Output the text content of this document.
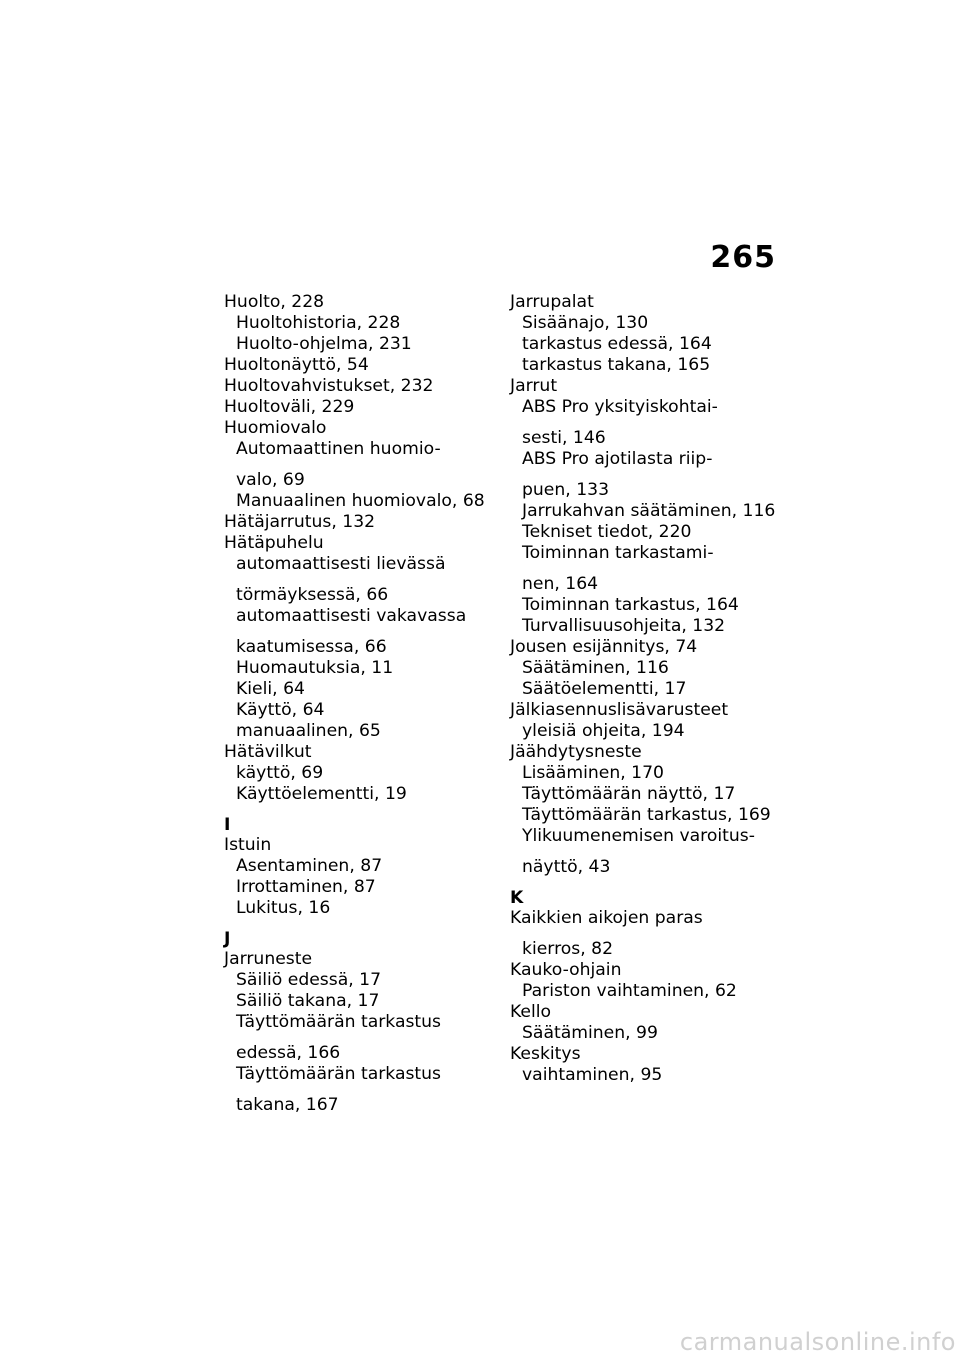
265
Huolto, 228
Huoltohistoria, 228
Huolto-ohjelma, 231
Huoltonäyttö, 54
Huoltovahvistukset, 232
Huoltoväli, 229
Huomiovalo
Automaattinen huomio-
valo, 69
Manuaalinen huomiovalo, 68
Hätäjarrutus, 132
Hätäpuhelu
automaattisesti lievässä
törmäyksessä, 66
automaattisesti vakavassa
kaatumisessa, 66
Huomautuksia, 11
Kieli, 64
Käyttö, 64
manuaalinen, 65
Hätävilkut
käyttö, 69
Käyttöelementti, 19
I
Istuin
Asentaminen, 87
Irrottaminen, 87
Lukitus, 16
J
Jarruneste
Säiliö edessä, 17
Säiliö takana, 17
Täyttömäärän tarkastus
edessä, 166
Täyttömäärän tarkastus
takana, 167
Jarrupalat
Sisäänajo, 130
tarkastus edessä, 164
tarkastus takana, 165
Jarrut
ABS Pro yksityiskohtai-
sesti, 146
ABS Pro ajotilasta riip-
puen, 133
Jarrukahvan säätäminen, 116
Tekniset tiedot, 220
Toiminnan tarkastami-
nen, 164
Toiminnan tarkastus, 164
Turvallisuusohjeita, 132
Jousen esijännitys, 74
Säätäminen, 116
Säätöelementti, 17
Jälkiasennuslisävarusteet
yleisiä ohjeita, 194
Jäähdytysneste
Lisääminen, 170
Täyttömäärän näyttö, 17
Täyttömäärän tarkastus, 169
Ylikuumenemisen varoitus-
näyttö, 43
K
Kaikkien aikojen paras
kierros, 82
Kauko-ohjain
Pariston vaihtaminen, 62
Kello
Säätäminen, 99
Keskitys
vaihtaminen, 95
carmanualsonline.info
